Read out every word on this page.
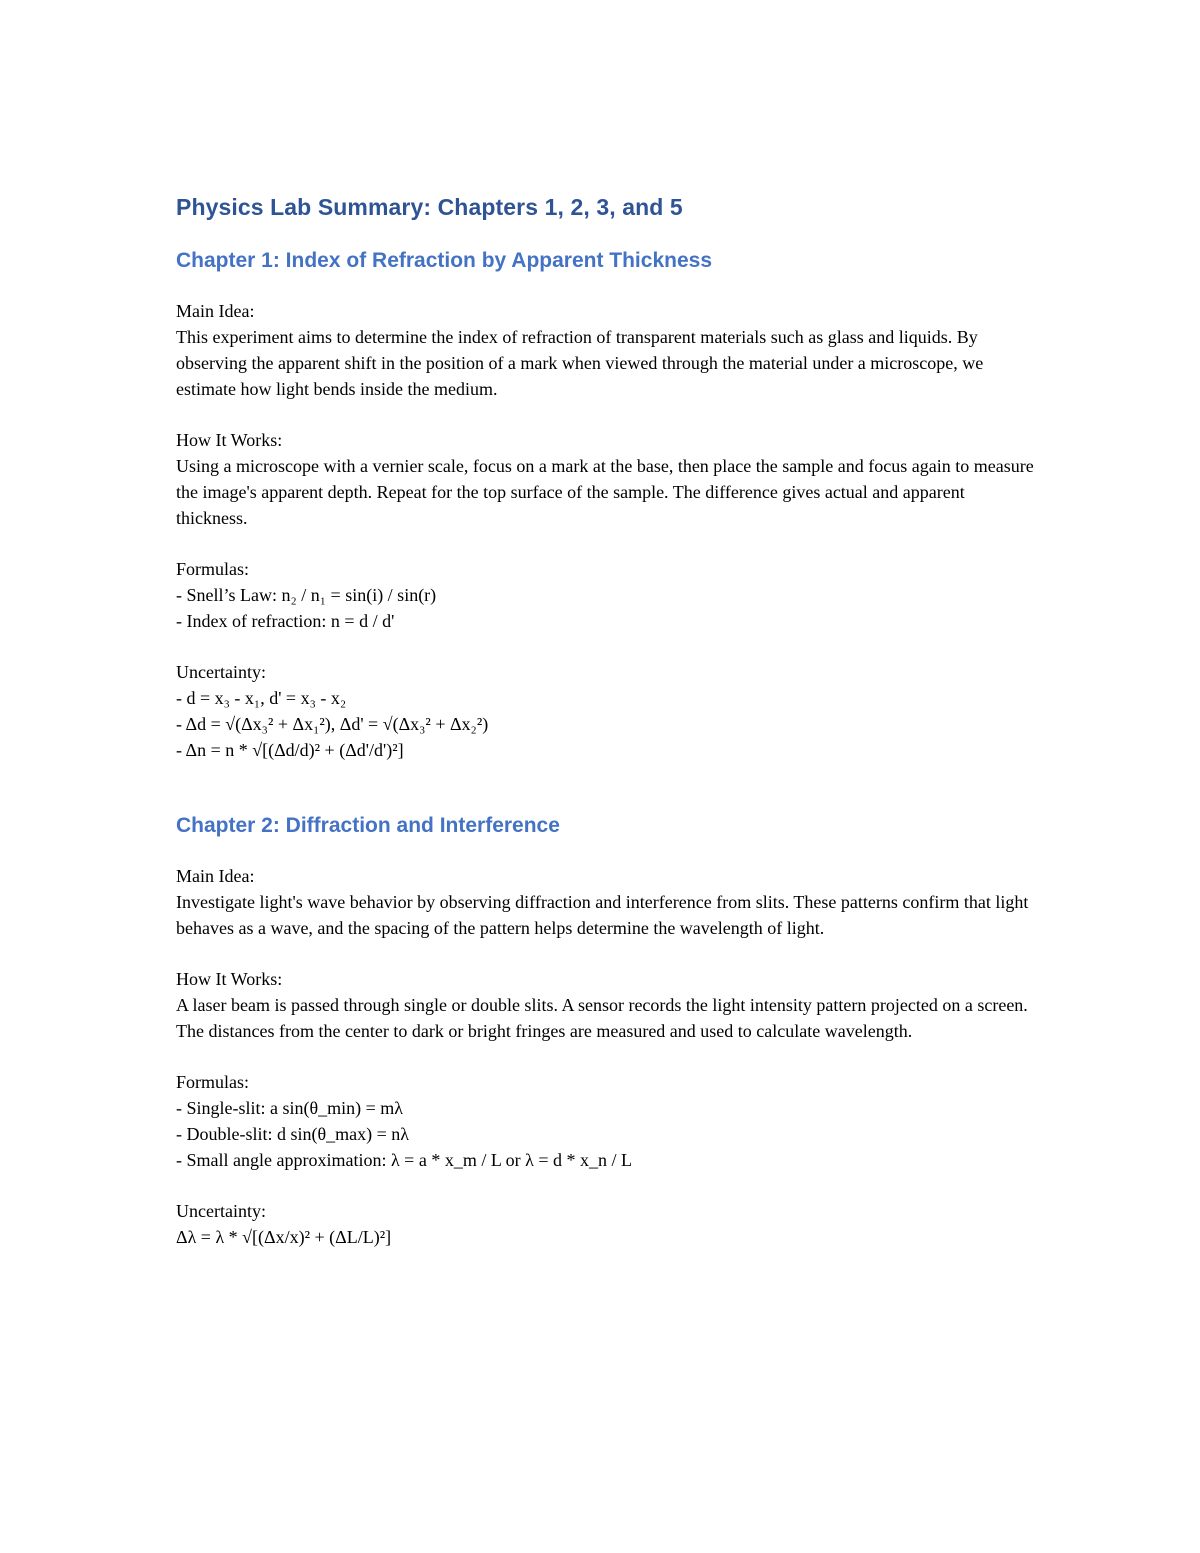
Physics Lab Summary: Chapters 1, 2, 3, and 5
Chapter 1: Index of Refraction by Apparent Thickness
Main Idea:
This experiment aims to determine the index of refraction of transparent materials such as glass and liquids. By observing the apparent shift in the position of a mark when viewed through the material under a microscope, we estimate how light bends inside the medium.
How It Works:
Using a microscope with a vernier scale, focus on a mark at the base, then place the sample and focus again to measure the image's apparent depth. Repeat for the top surface of the sample. The difference gives actual and apparent thickness.
Formulas:
- Snell’s Law: n₂ / n₁ = sin(i) / sin(r)
- Index of refraction: n = d / d'
Uncertainty:
- d = x₃ - x₁, d' = x₃ - x₂
- Δd = √(Δx₃² + Δx₁²), Δd' = √(Δx₃² + Δx₂²)
- Δn = n * √[(Δd/d)² + (Δd'/d')²]
Chapter 2: Diffraction and Interference
Main Idea:
Investigate light's wave behavior by observing diffraction and interference from slits. These patterns confirm that light behaves as a wave, and the spacing of the pattern helps determine the wavelength of light.
How It Works:
A laser beam is passed through single or double slits. A sensor records the light intensity pattern projected on a screen. The distances from the center to dark or bright fringes are measured and used to calculate wavelength.
Formulas:
- Single-slit: a sin(θ_min) = mλ
- Double-slit: d sin(θ_max) = nλ
- Small angle approximation: λ = a * x_m / L or λ = d * x_n / L
Uncertainty:
Δλ = λ * √[(Δx/x)² + (ΔL/L)²]
